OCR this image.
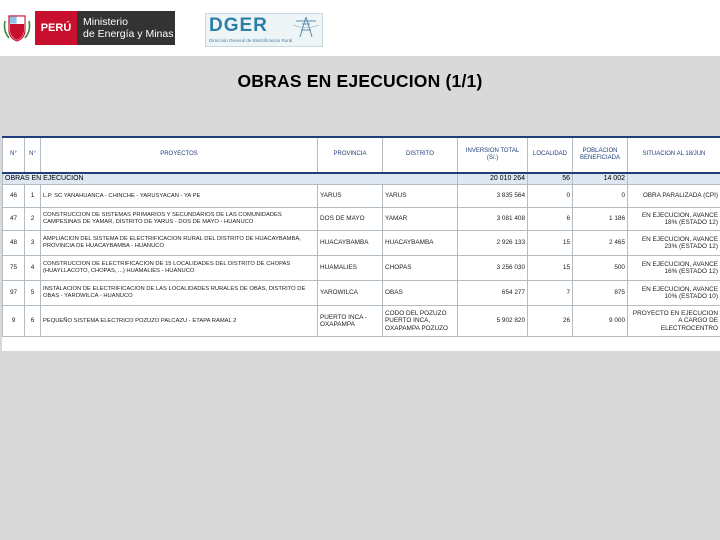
PERÚ	Ministerio
de Energía y Minas DGER
Dirección General de Electrificación Rural
OBRAS EN EJECUCION (1/1)
N°	N°	PROYECTOS	PROVINCIA	DISTRITO	INVERSION TOTAL (S/.)	LOCALIDAD	POBLACION BENEFICIADA	SITUACION AL 18/JUN
OBRAS EN EJECUCION					20 010 264	56	14 002	
46	1	L.P. SC YANAHUANCA - CHINCHE - YARUSYACAN - YA PE	YARUS	YARUS	3 835 564	0	0	OBRA PARALIZADA (CPI)
47	2	CONSTRUCCION DE SISTEMAS PRIMARIOS Y SECUNDARIOS DE LAS COMUNIDADES CAMPESINAS DE YAMAR, DISTRITO DE YARUS - DOS DE MAYO - HUANUCO	DOS DE MAYO	YAMAR	3 081 408	6	1 186	EN EJECUCION, AVANCE 18% (ESTADO 12)
48	3	AMPLIACION DEL SISTEMA DE ELECTRIFICACION RURAL DEL DISTRITO DE HUACAYBAMBA, PROVINCIA DE HUACAYBAMBA - HUANUCO	HUACAYBAMBA	HUACAYBAMBA	2 926 133	15	2 465	EN EJECUCION, AVANCE 23% (ESTADO 12)
75	4	CONSTRUCCION DE ELECTRIFICACION DE 15 LOCALIDADES DEL DISTRITO DE CHOPAS (HUAYLLACOTO, CHOPAS, ...) HUAMALIES - HUANUCO	HUAMALIES	CHOPAS	3 256 030	15	500	EN EJECUCION, AVANCE 16% (ESTADO 12)
97	5	INSTALACION DE ELECTRIFICACION DE LAS LOCALIDADES RURALES DE OBAS, DISTRITO DE OBAS - YAROWILCA - HUANUCO	YAROWILCA	OBAS	654 277	7	875	EN EJECUCION, AVANCE 10% (ESTADO 10)
9	6	PEQUEÑO SISTEMA ELECTRICO POZUZO PALCAZU - ETAPA RAMAL 2	PUERTO INCA - OXAPAMPA	CODO DEL POZUZO PUERTO INCA, OXAPAMPA POZUZO	5 902 820	26	9 000	PROYECTO EN EJECUCION A CARGO DE ELECTROCENTRO
